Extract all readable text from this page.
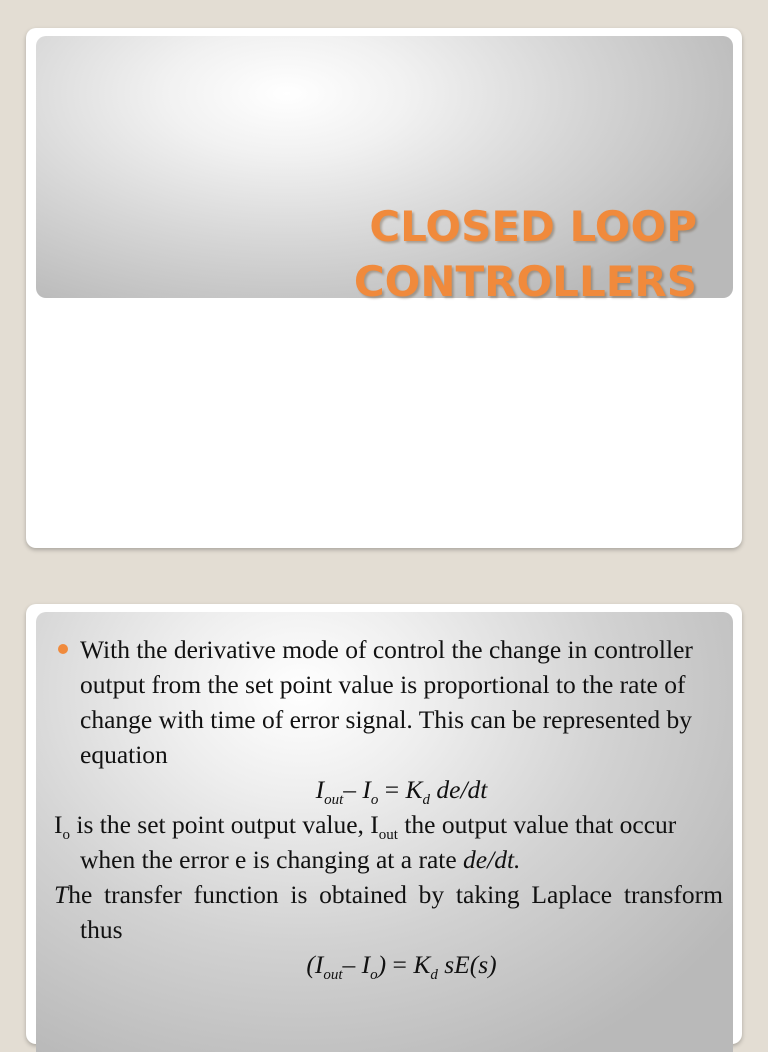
CLOSED LOOP
CONTROLLERS
With the derivative mode of control the change in controller output from the set point value is proportional to the rate of change with time of error signal. This can be represented by equation
$I_{out}-$ $I_o = K_d$ de/dt
$I_o$ is the set point output value, $I_{out}$ the output value that occur when the error e is changing at a rate de/dt.
The transfer function is obtained by taking Laplace transform thus
($I_{out}-$ $I_o) = K_d$ sE(s)
